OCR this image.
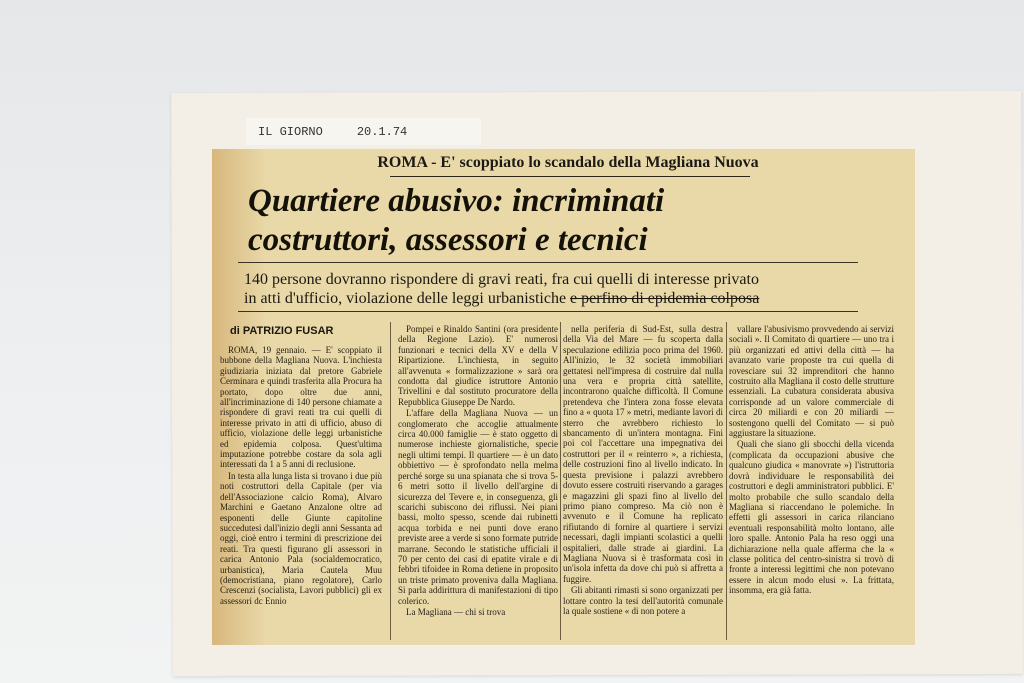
IL GIORNO	20.1.74
ROMA - E' scoppiato lo scandalo della Magliana Nuova
Quartiere abusivo: incriminati
costruttori, assessori e tecnici
140 persone dovranno rispondere di gravi reati, fra cui quelli di interesse privato
in atti d'ufficio, violazione delle leggi urbanistiche e perfino di epidemia colposa
di PATRIZIO FUSAR

ROMA, 19 gennaio. — E' scoppiato il bubbone della Magliana Nuova. L'inchiesta giudiziaria iniziata dal pretore Gabriele Cerminara e quindi trasferita alla Procura ha portato, dopo oltre due anni, all'incriminazione di 140 persone chiamate a rispondere di gravi reati tra cui quelli di interesse privato in atti di ufficio, abuso di ufficio, violazione delle leggi urbanistiche ed epidemia colposa. Quest'ultima imputazione potrebbe costare da sola agli interessati da 1 a 5 anni di reclusione.

In testa alla lunga lista si trovano i due più noti costruttori della Capitale (per via dell'Associazione calcio Roma), Alvaro Marchini e Gaetano Anzalone oltre ad esponenti delle Giunte capitoline succedutesi dall'inizio degli anni Sessanta ad oggi, cioè entro i termini di prescrizione dei reati. Tra questi figurano gli assessori in carica Antonio Pala (socialdemocratico, urbanistica), Maria Cautela Muu (democristiana, piano regolatore), Carlo Crescenzi (socialista, Lavori pubblici) gli ex assessori dc Ennio

Pompei e Rinaldo Santini (ora presidente della Regione Lazio). E' numerosi funzionari e tecnici della XV e della V Ripartizione. L'inchiesta, in seguito all'avvenuta « formalizzazione » sarà ora condotta dal giudice istruttore Antonio Trivellini e dal sostituto procuratore della Repubblica Giuseppe De Nardo.

L'affare della Magliana Nuova — un conglomerato che accoglie attualmente circa 40.000 famiglie — è stato oggetto di numerose inchieste giornalistiche, specie negli ultimi tempi. Il quartiere — è un dato obbiettivo — è sprofondato nella melma perché sorge su una spianata che si trova 5-6 metri sotto il livello dell'argine di sicurezza del Tevere e, in conseguenza, gli scarichi subiscono dei riflussi. Nei piani bassi, molto spesso, scende dai rubinetti acqua torbida e nei punti dove erano previste aree a verde si sono formate putride marrane. Secondo le statistiche ufficiali il 70 per cento dei casi di epatite virale e di febbri tifoidee in Roma detiene in proposito un triste primato proveniva dalla Magliana. Si parla addirittura di manifestazioni di tipo colerico.

La Magliana — chi si trova

nella periferia di Sud-Est, sulla destra della Via del Mare — fu scoperta dalla speculazione edilizia poco prima del 1960. All'inizio, le 32 società immobiliari gettatesi nell'impresa di costruire dal nulla una vera e propria città satellite, incontrarono qualche difficoltà. Il Comune pretendeva che l'intera zona fosse elevata fino a « quota 17 » metri, mediante lavori di sterro che avrebbero richiesto lo sbancamento di un'intera montagna. Fini poi col l'accettare una impegnativa dei costruttori per il « reinterro », a richiesta, delle costruzioni fino al livello indicato. In questa previsione i palazzi avrebbero dovuto essere costruiti riservando a garages e magazzini gli spazi fino al livello del primo piano compreso. Ma ciò non è avvenuto e il Comune ha replicato rifiutando di fornire al quartiere i servizi necessari, dagli impianti scolastici a quelli ospitalieri, dalle strade ai giardini. La Magliana Nuova si è trasformata così in un'isola infetta da dove chi può si affretta a fuggire.

Gli abitanti rimasti si sono organizzati per lottare contro la tesi dell'autorità comunale la quale sostiene « di non potere a

vallare l'abusivismo provvedendo ai servizi sociali ». Il Comitato di quartiere — uno tra i più organizzati ed attivi della città — ha avanzato varie proposte tra cui quella di rovesciare sui 32 imprenditori che hanno costruito alla Magliana il costo delle strutture essenziali. La cubatura considerata abusiva corrisponde ad un valore commerciale di circa 20 miliardi e con 20 miliardi — sostengono quelli del Comitato — si può aggiustare la situazione.

Quali che siano gli sbocchi della vicenda (complicata da occupazioni abusive che qualcuno giudica « manovrate ») l'istruttoria dovrà individuare le responsabilità dei costruttori e degli amministratori pubblici. E' molto probabile che sullo scandalo della Magliana si riaccendano le polemiche. In effetti gli assessori in carica rilanciano eventuali responsabilità molto lontano, alle loro spalle. Antonio Pala ha reso oggi una dichiarazione nella quale afferma che la « classe politica del centro-sinistra si trovò di fronte a interessi legittimi che non potevano essere in alcun modo elusi ». La frittata, insomma, era già fatta.
